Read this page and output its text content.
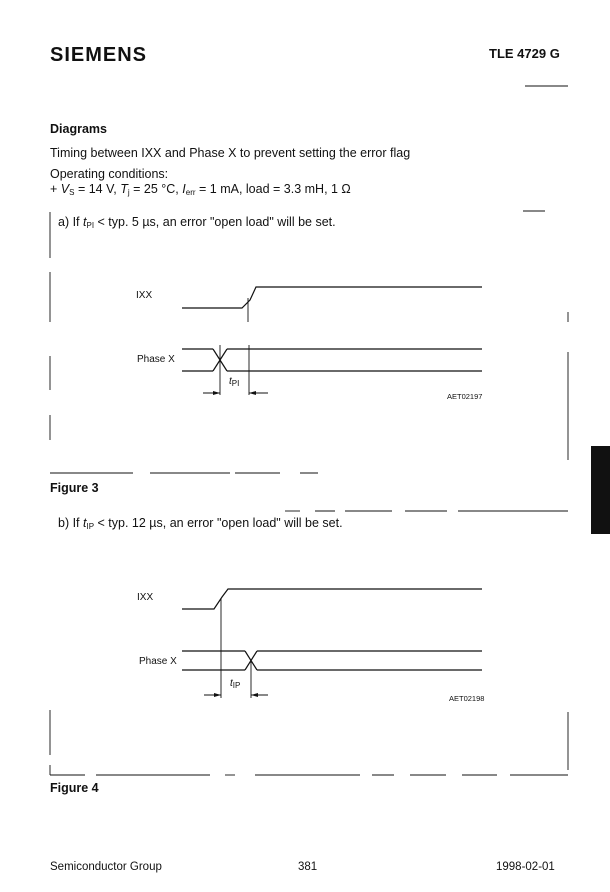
SIEMENS	TLE 4729 G
Diagrams
Timing between IXX and Phase X to prevent setting the error flag
Operating conditions:
+ $V_S = 14$ V, $T_j = 25$ °C, $I_{err} = 1$ mA, load = 3.3 mH, 1 Ω
a) If $t_{PI}$ < typ. 5 µs, an error "open load" will be set.
IXX
Phase X
$t_{PI}$
AET02197
Figure 3
b) If $t_{IP}$ < typ. 12 µs, an error "open load" will be set.
IXX
Phase X
$t_{IP}$
AET02198
Figure 4
Semiconductor Group	381	1998-02-01
